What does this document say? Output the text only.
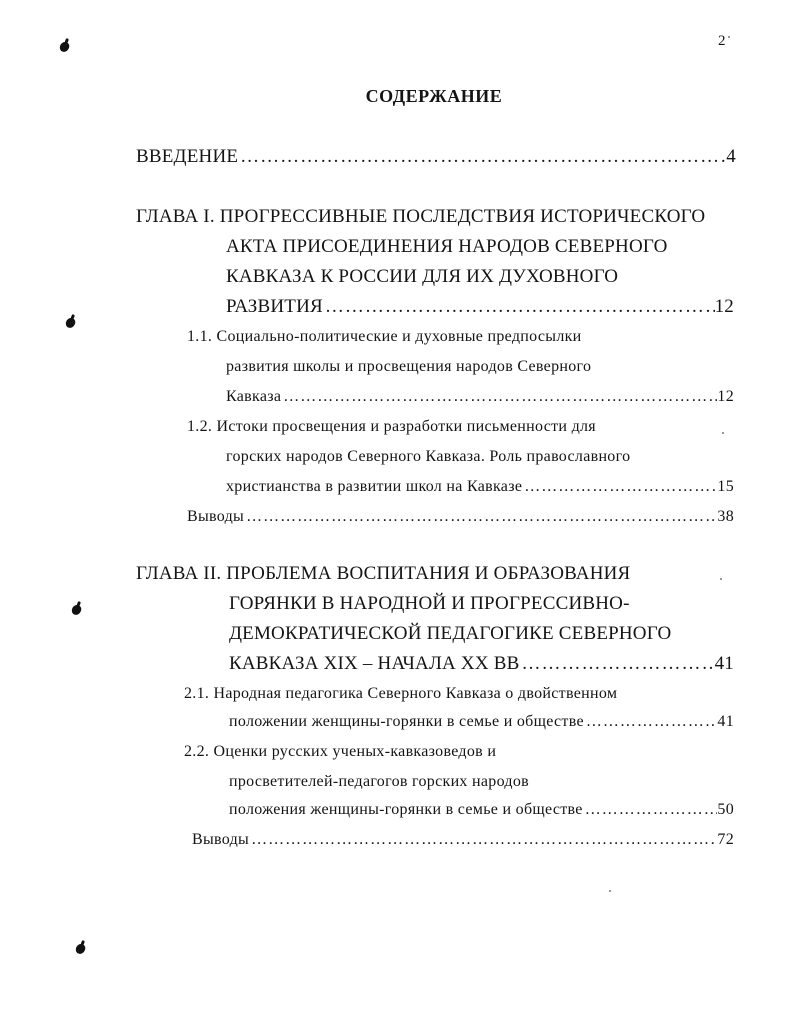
2
СОДЕРЖАНИЕ
ВВЕДЕНИЕ ………………………………………………………………………………………………………………………………………………………………………………………	4
ГЛАВА I. ПРОГРЕССИВНЫЕ ПОСЛЕДСТВИЯ ИСТОРИЧЕСКОГО
АКТА ПРИСОЕДИНЕНИЯ НАРОДОВ СЕВЕРНОГО
КАВКАЗА К РОССИИ ДЛЯ ИХ ДУХОВНОГО
РАЗВИТИЯ ………………………………………………………………………………………………………………………………………………………………………………………	12
1.1. Социально-политические и духовные предпосылки
развития школы и просвещения народов Северного
Кавказа ………………………………………………………………………………………………………………………………………………………………………………………	12
1.2. Истоки просвещения и разработки письменности для
горских народов Северного Кавказа. Роль православного
христианства в развитии школ на Кавказе ………………………………………………………………………………………………………………………………………………………………………………………	15
Выводы ………………………………………………………………………………………………………………………………………………………………………………………	38
ГЛАВА II. ПРОБЛЕМА ВОСПИТАНИЯ И ОБРАЗОВАНИЯ
ГОРЯНКИ В НАРОДНОЙ И ПРОГРЕССИВНО-
ДЕМОКРАТИЧЕСКОЙ ПЕДАГОГИКЕ СЕВЕРНОГО
КАВКАЗА XIX – НАЧАЛА XX ВВ ………………………………………………………………………………………………………………………………………………………………………………………	41
2.1. Народная педагогика Северного Кавказа о двойственном
положении женщины-горянки в семье и обществе ………………………………………………………………………………………………………………………………………………………………………………………	41
2.2. Оценки русских ученых-кавказоведов и
просветителей-педагогов горских народов
положения женщины-горянки в семье и обществе ………………………………………………………………………………………………………………………………………………………………………………………	50
Выводы ………………………………………………………………………………………………………………………………………………………………………………………	72
